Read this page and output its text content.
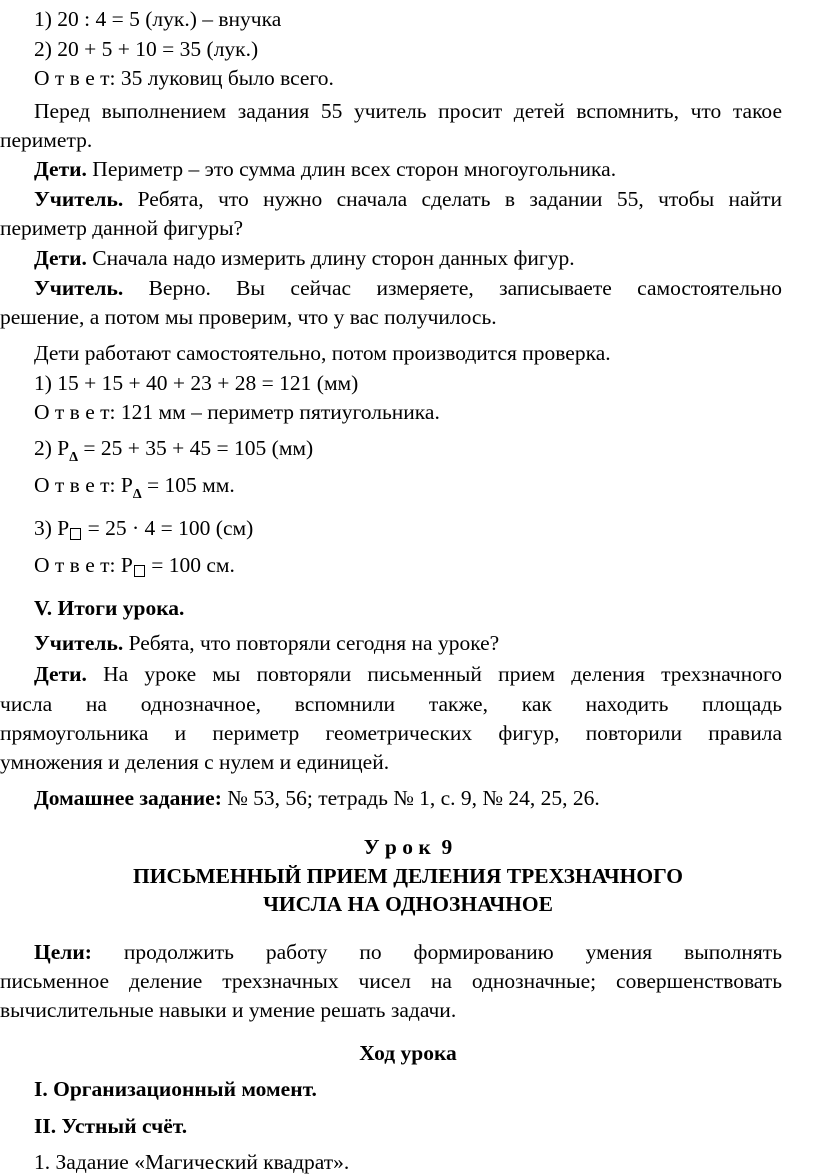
1) 20 : 4 = 5 (лук.) – внучка
2) 20 + 5 + 10 = 35 (лук.)
О т в е т: 35 луковиц было всего.
Перед выполнением задания 55 учитель просит детей вспомнить, что такое
периметр.
Дети. Периметр – это сумма длин всех сторон многоугольника.
Учитель. Ребята, что нужно сначала сделать в задании 55, чтобы найти
периметр данной фигуры?
Дети. Сначала надо измерить длину сторон данных фигур.
Учитель. Верно. Вы сейчас измеряете, записываете самостоятельно
решение, а потом мы проверим, что у вас получилось.
Дети работают самостоятельно, потом производится проверка.
1) 15 + 15 + 40 + 23 + 28 = 121 (мм)
О т в е т: 121 мм – периметр пятиугольника.
2) $P_\Delta = 25 + 35 + 45 = 105$ (мм)
О т в е т: $P_\Delta = 105$ мм.
3) P = 25 · 4 = 100 (см)
О т в е т: P = 100 см.
V. Итоги урока.
Учитель. Ребята, что повторяли сегодня на уроке?
Дети. На уроке мы повторяли письменный прием деления трехзначного
числа на однозначное, вспомнили также, как находить площадь
прямоугольника и периметр геометрических фигур, повторили правила
умножения и деления с нулем и единицей.
Домашнее задание: № 53, 56; тетрадь № 1, с. 9, № 24, 25, 26.
У р о к  9
ПИСЬМЕННЫЙ ПРИЕМ ДЕЛЕНИЯ ТРЕХЗНАЧНОГО
ЧИСЛА НА ОДНОЗНАЧНОЕ
Цели: продолжить работу по формированию умения выполнять
письменное деление трехзначных чисел на однозначные; совершенствовать
вычислительные навыки и умение решать задачи.
Ход урока
I. Организационный момент.
II. Устный счёт.
1. Задание «Магический квадрат».
